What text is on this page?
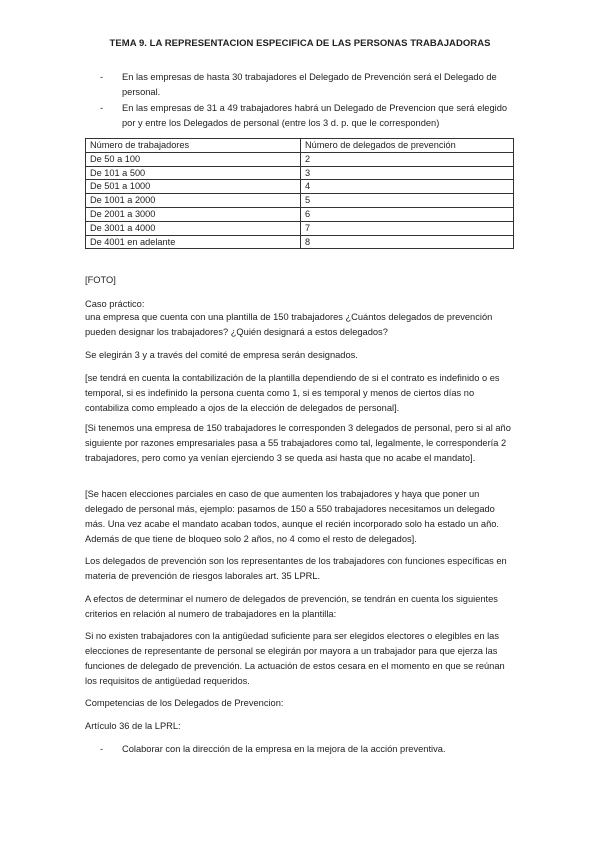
TEMA 9. LA REPRESENTACION ESPECIFICA DE LAS PERSONAS TRABAJADORAS
- En las empresas de hasta 30 trabajadores el Delegado de Prevención será el Delegado de personal.
- En las empresas de 31 a 49 trabajadores habrá un Delegado de Prevencion que será elegido por y entre los Delegados de personal (entre los 3 d. p. que le corresponden)
Número de trabajadores	Número de delegados de prevención
De 50 a 100	2
De 101 a 500	3
De 501 a 1000	4
De 1001 a 2000	5
De 2001 a 3000	6
De 3001 a 4000	7
De 4001 en adelante	8
[FOTO]
Caso práctico:
una empresa que cuenta con una plantilla de 150 trabajadores ¿Cuántos delegados de prevención pueden designar los trabajadores? ¿Quién designará a estos delegados?
Se elegirán 3 y a través del comité de empresa serán designados.
[se tendrá en cuenta la contabilización de la plantilla dependiendo de si el contrato es indefinido o es temporal, si es indefinido la persona cuenta como 1, si es temporal y menos de ciertos días no contabiliza como empleado a ojos de la elección de delegados de personal].
[Si tenemos una empresa de 150 trabajadores le corresponden 3 delegados de personal, pero si al año siguiente por razones empresariales pasa a 55 trabajadores como tal, legalmente, le correspondería 2 trabajadores, pero como ya venían ejerciendo 3 se queda asi hasta que no acabe el mandato].
[Se hacen elecciones parciales en caso de que aumenten los trabajadores y haya que poner un delegado de personal más, ejemplo: pasamos de 150 a 550 trabajadores necesitamos un delegado más. Una vez acabe el mandato acaban todos, aunque el recién incorporado solo ha estado un año. Además de que tiene de bloqueo solo 2 años, no 4 como el resto de delegados].
Los delegados de prevención son los representantes de los trabajadores con funciones específicas en materia de prevención de riesgos laborales art. 35 LPRL.
A efectos de determinar el numero de delegados de prevención, se tendrán en cuenta los siguientes criterios en relación al numero de trabajadores en la plantilla:
Si no existen trabajadores con la antigüedad suficiente para ser elegidos electores o elegibles en las elecciones de representante de personal se elegirán por mayora a un trabajador para que ejerza las funciones de delegado de prevención. La actuación de estos cesara en el momento en que se reúnan los requisitos de antigüedad requeridos.
Competencias de los Delegados de Prevencion:
Artículo 36 de la LPRL:
- Colaborar con la dirección de la empresa en la mejora de la acción preventiva.
